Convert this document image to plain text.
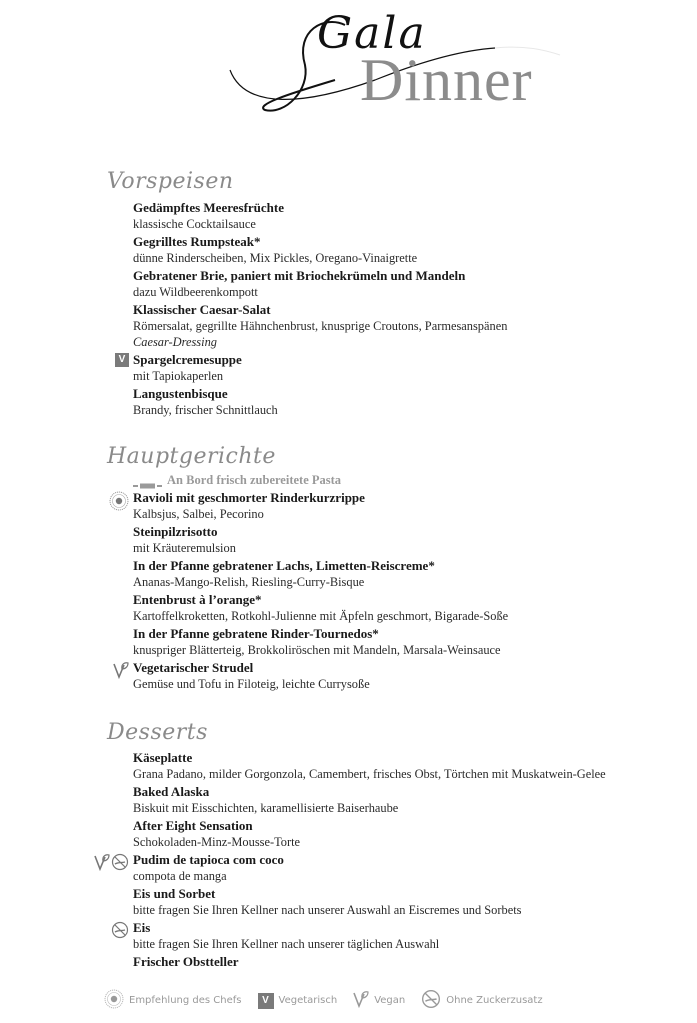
Gala
Dinner
Vorspeisen
Gedämpftes Meeresfrüchte
klassische Cocktailsauce
Gegrilltes Rumpsteak*
dünne Rinderscheiben, Mix Pickles, Oregano-Vinaigrette
Gebratener Brie, paniert mit Briochekrümeln und Mandeln
dazu Wildbeerenkompott
Klassischer Caesar-Salat
Römersalat, gegrillte Hähnchenbrust, knusprige Croutons, Parmesanspänen
Caesar-Dressing
V Spargelcremesuppe
mit Tapiokaperlen
Langustenbisque
Brandy, frischer Schnittlauch
Hauptgerichte
An Bord frisch zubereitete Pasta
Ravioli mit geschmorter Rinderkurzrippe
Kalbsjus, Salbei, Pecorino
Steinpilzrisotto
mit Kräuteremulsion
In der Pfanne gebratener Lachs, Limetten-Reiscreme*
Ananas-Mango-Relish, Riesling-Curry-Bisque
Entenbrust à l’orange*
Kartoffelkroketten, Rotkohl-Julienne mit Äpfeln geschmort, Bigarade-Soße
In der Pfanne gebratene Rinder-Tournedos*
knuspriger Blätterteig, Brokkoliröschen mit Mandeln, Marsala-Weinsauce
Vegetarischer Strudel
Gemüse und Tofu in Filoteig, leichte Currysoße
Desserts
Käseplatte
Grana Padano, milder Gorgonzola, Camembert, frisches Obst, Törtchen mit Muskatwein-Gelee
Baked Alaska
Biskuit mit Eisschichten, karamellisierte Baiserhaube
After Eight Sensation
Schokoladen-Minz-Mousse-Torte
Pudim de tapioca com coco
compota de manga
Eis und Sorbet
bitte fragen Sie Ihren Kellner nach unserer Auswahl an Eiscremes und Sorbets
Eis
bitte fragen Sie Ihren Kellner nach unserer täglichen Auswahl
Frischer Obstteller
Empfehlung des Chefs	V Vegetarisch	Vegan	Ohne Zuckerzusatz
